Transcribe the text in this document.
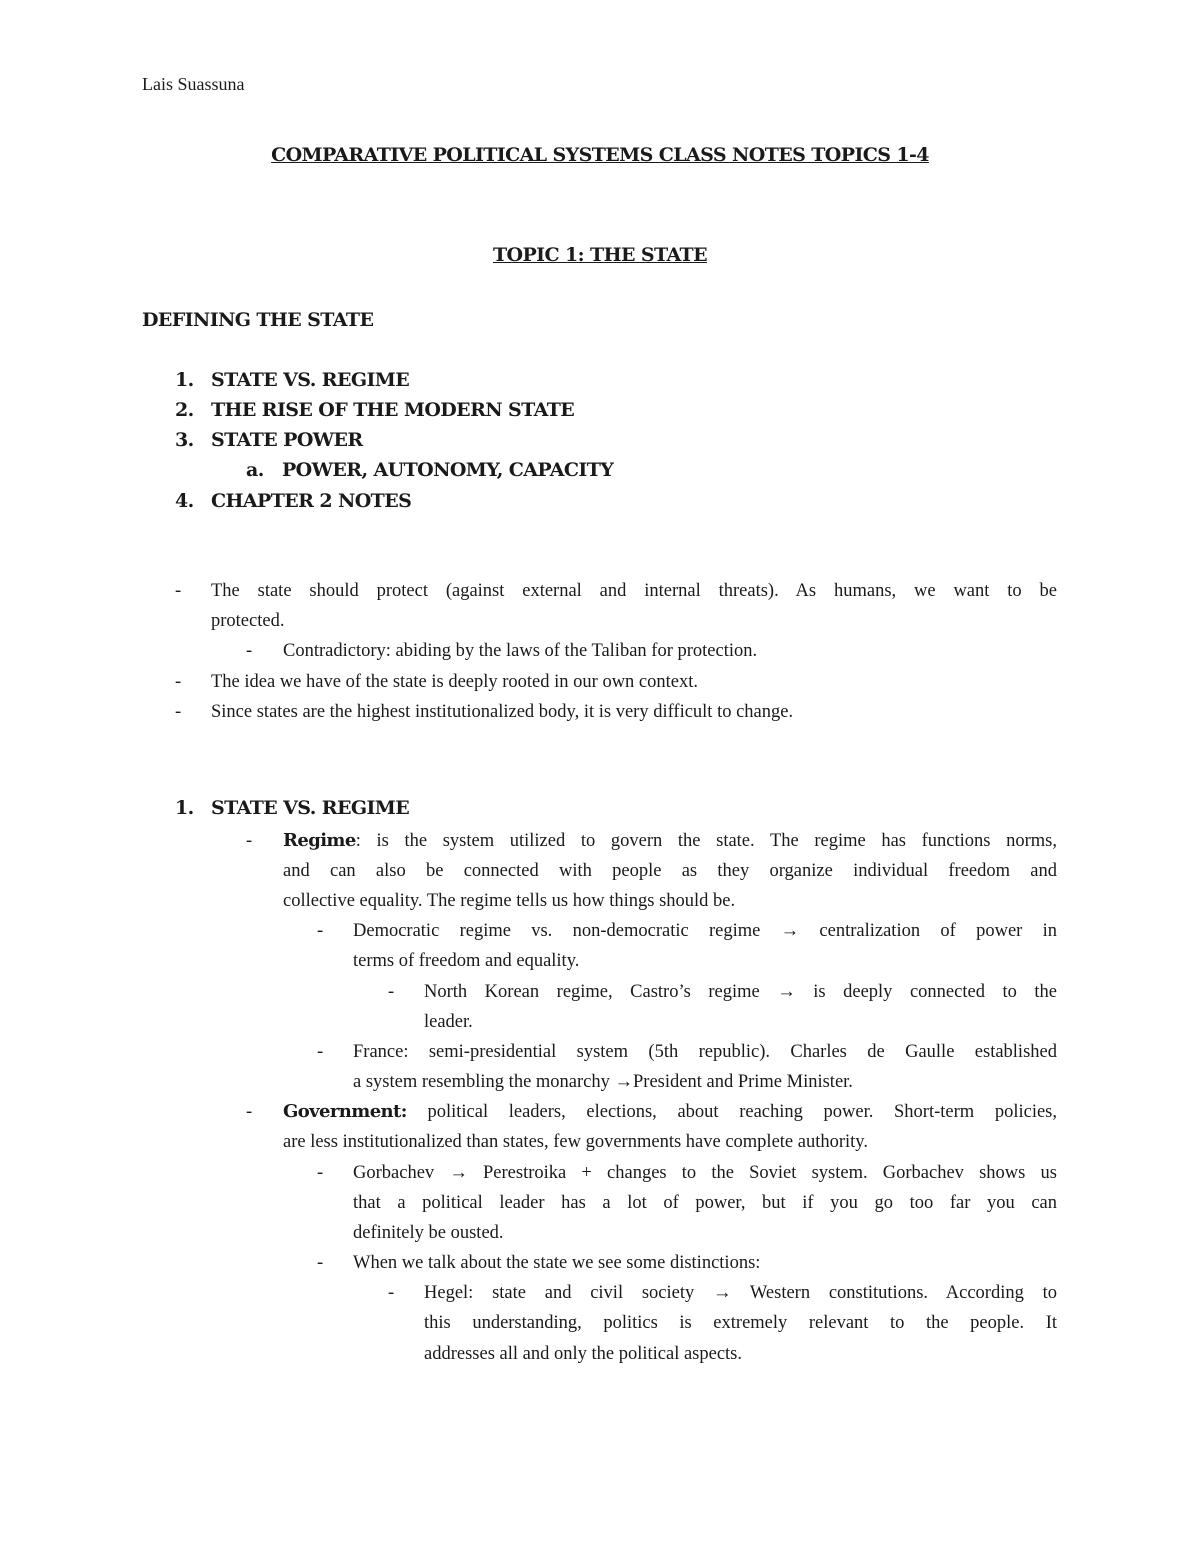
Lais Suassuna
COMPARATIVE POLITICAL SYSTEMS CLASS NOTES TOPICS 1-4
TOPIC 1: THE STATE
DEFINING THE STATE
1. STATE VS. REGIME
2. THE RISE OF THE MODERN STATE
3. STATE POWER
a. POWER, AUTONOMY, CAPACITY
4. CHAPTER 2 NOTES
- The state should protect (against external and internal threats). As humans, we want to be
protected.
- Contradictory: abiding by the laws of the Taliban for protection.
- The idea we have of the state is deeply rooted in our own context.
- Since states are the highest institutionalized body, it is very difficult to change.
1. STATE VS. REGIME
- Regime : is the system utilized to govern the state. The regime has functions norms,
and can also be connected with people as they organize individual freedom and
collective equality. The regime tells us how things should be.
- Democratic regime vs. non-democratic regime → centralization of power in
terms of freedom and equality.
- North Korean regime, Castro’s regime → is deeply connected to the
leader.
- France: semi-presidential system (5th republic). Charles de Gaulle established
a system resembling the monarchy →President and Prime Minister.
- Government: political leaders, elections, about reaching power. Short-term policies,
are less institutionalized than states, few governments have complete authority.
- Gorbachev → Perestroika + changes to the Soviet system. Gorbachev shows us
that a political leader has a lot of power, but if you go too far you can
definitely be ousted.
- When we talk about the state we see some distinctions:
- Hegel: state and civil society → Western constitutions. According to
this understanding, politics is extremely relevant to the people. It
addresses all and only the political aspects.
